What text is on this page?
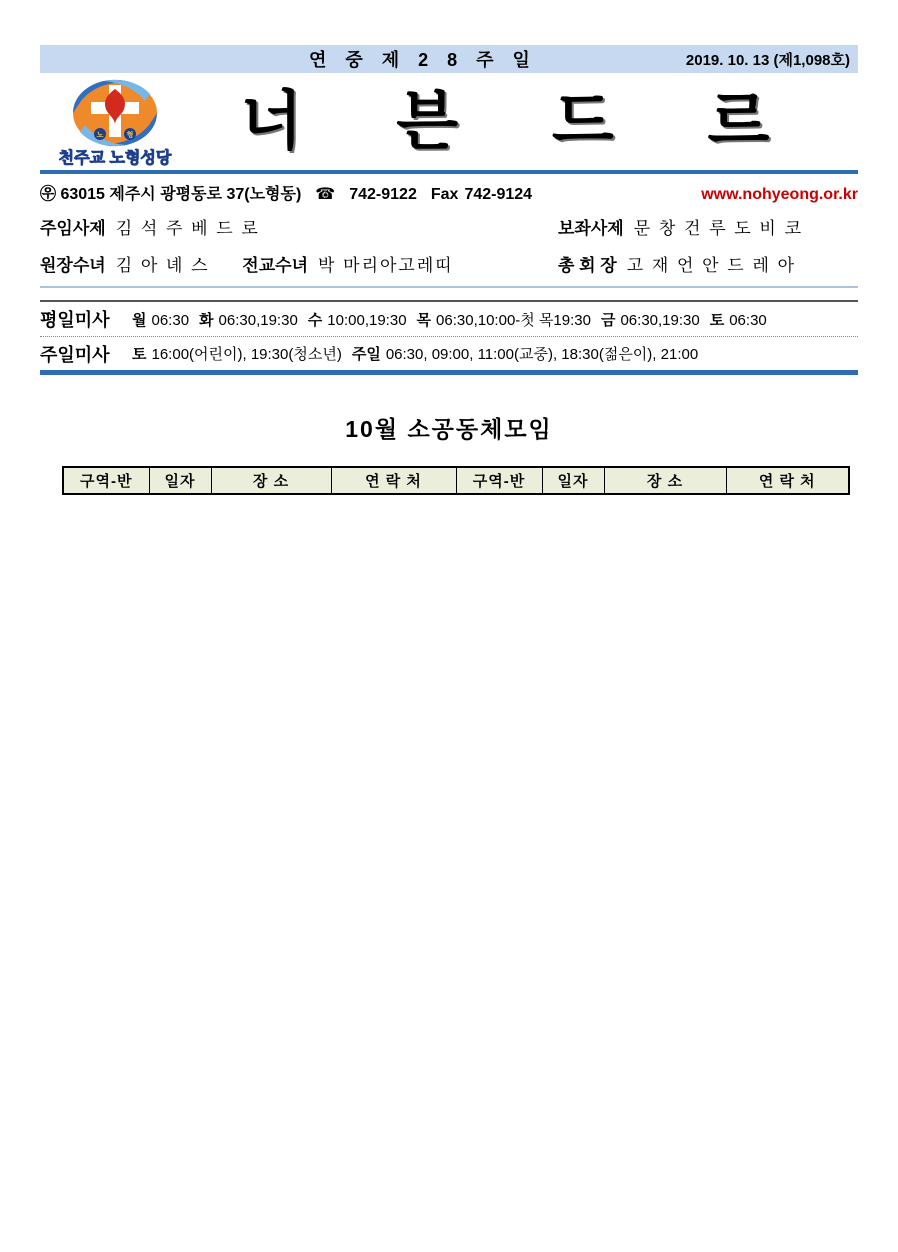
연 중 제 2 8 주 일	2019. 10. 13 (제1,098호)
노	형
천주교 노형성당
너 븐 드 르
㉾ 63015 제주시 광평동로 37(노형동) ☎ 742-9122 Fax 742-9124	www.nohyeong.or.kr
주임사제 김 석 주 베 드 로	보좌사제 문 창 건 루 도 비 코
원장수녀 김 아 녜 스 전교수녀 박 마리아고레띠	총 회 장 고 재 언 안 드 레 아
평일미사	월 06:30 화 06:30,19:30 수 10:00,19:30 목 06:30,10:00-첫 목19:30 금 06:30,19:30 토 06:30
주일미사	토 16:00(어린이), 19:30(청소년) 주일 06:30, 09:00, 11:00(교중), 18:30(젊은이), 21:00
10월 소공동체모임
구역-반	일자	장 소	연 락 처	구역-반	일자	장 소	연 락 처
